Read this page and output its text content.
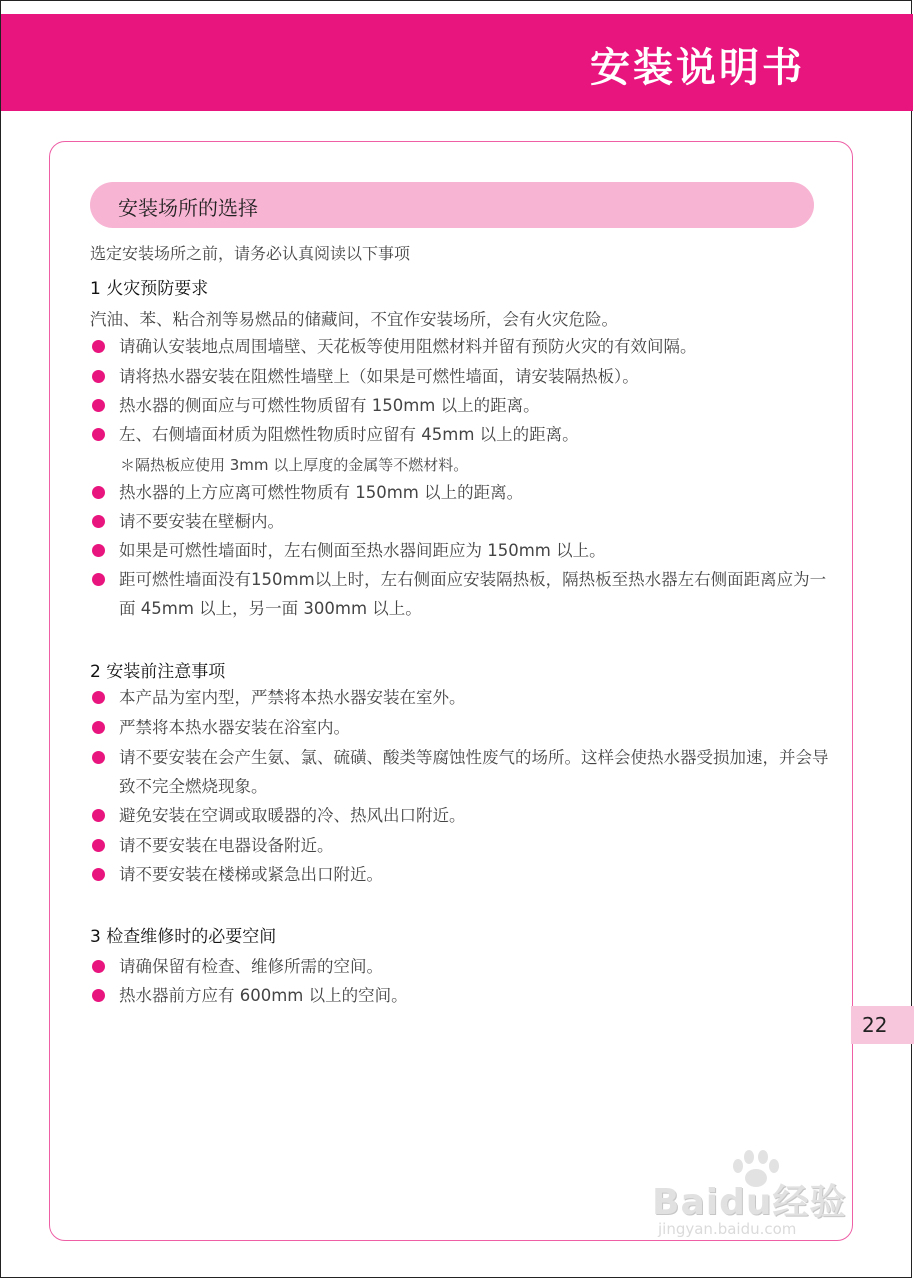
安装说明书
安装场所的选择
选定安装场所之前，请务必认真阅读以下事项
1 火灾预防要求
汽油、苯、粘合剂等易燃品的储藏间，不宜作安装场所，会有火灾危险。
请确认安装地点周围墙壁、天花板等使用阻燃材料并留有预防火灾的有效间隔。
请将热水器安装在阻燃性墙壁上（如果是可燃性墙面，请安装隔热板）。
热水器的侧面应与可燃性物质留有 150mm 以上的距离。
左、右侧墙面材质为阻燃性物质时应留有 45mm 以上的距离。
＊隔热板应使用 3mm 以上厚度的金属等不燃材料。
热水器的上方应离可燃性物质有 150mm 以上的距离。
请不要安装在壁橱内。
如果是可燃性墙面时，左右侧面至热水器间距应为 150mm 以上。
距可燃性墙面没有150mm以上时，左右侧面应安装隔热板，隔热板至热水器左右侧面距离应为一面 45mm 以上，另一面 300mm 以上。
2 安装前注意事项
本产品为室内型，严禁将本热水器安装在室外。
严禁将本热水器安装在浴室内。
请不要安装在会产生氨、氯、硫磺、酸类等腐蚀性废气的场所。这样会使热水器受损加速，并会导致不完全燃烧现象。
避免安装在空调或取暖器的冷、热风出口附近。
请不要安装在电器设备附近。
请不要安装在楼梯或紧急出口附近。
3 检查维修时的必要空间
请确保留有检查、维修所需的空间。
热水器前方应有 600mm 以上的空间。
22
Baidu经验
jingyan.baidu.com
